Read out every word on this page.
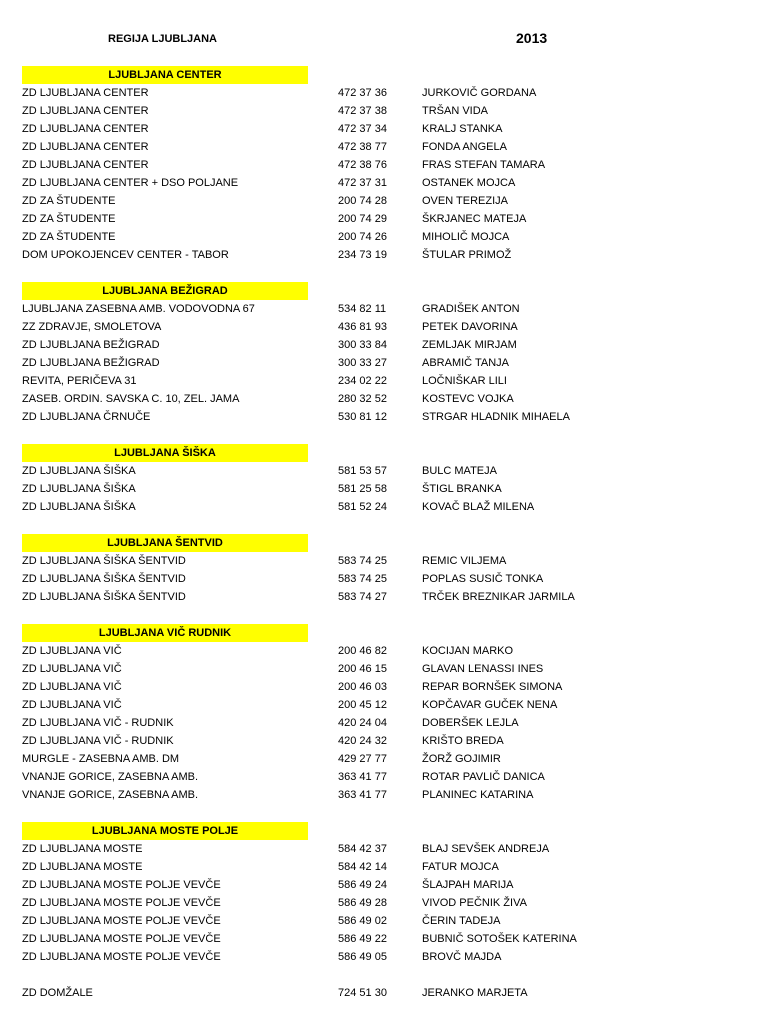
REGIJA LJUBLJANA	2013
LJUBLJANA CENTER
ZD LJUBLJANA CENTER	472 37 36	JURKOVIČ GORDANA
ZD LJUBLJANA CENTER	472 37 38	TRŠAN VIDA
ZD LJUBLJANA CENTER	472 37 34	KRALJ STANKA
ZD LJUBLJANA CENTER	472 38 77	FONDA ANGELA
ZD LJUBLJANA CENTER	472 38 76	FRAS STEFAN TAMARA
ZD LJUBLJANA CENTER + DSO POLJANE	472 37 31	OSTANEK MOJCA
ZD ZA ŠTUDENTE	200 74 28	OVEN TEREZIJA
ZD ZA ŠTUDENTE	200 74 29	ŠKRJANEC MATEJA
ZD ZA ŠTUDENTE	200 74 26	MIHOLIČ MOJCA
DOM UPOKOJENCEV CENTER - TABOR	234 73 19	ŠTULAR PRIMOŽ
LJUBLJANA BEŽIGRAD
LJUBLJANA ZASEBNA AMB. VODOVODNA 67	534 82 11	GRADIŠEK ANTON
ZZ ZDRAVJE, SMOLETOVA	436 81 93	PETEK DAVORINA
ZD LJUBLJANA BEŽIGRAD	300 33 84	ZEMLJAK MIRJAM
ZD LJUBLJANA BEŽIGRAD	300 33 27	ABRAMIČ TANJA
REVITA, PERIČEVA 31	234 02 22	LOČNIŠKAR LILI
ZASEB. ORDIN. SAVSKA C. 10, ZEL. JAMA	280 32 52	KOSTEVC VOJKA
ZD LJUBLJANA ČRNUČE	530 81 12	STRGAR HLADNIK MIHAELA
LJUBLJANA ŠIŠKA
ZD LJUBLJANA ŠIŠKA	581 53 57	BULC MATEJA
ZD LJUBLJANA ŠIŠKA	581 25 58	ŠTIGL BRANKA
ZD LJUBLJANA ŠIŠKA	581 52 24	KOVAČ BLAŽ MILENA
LJUBLJANA ŠENTVID
ZD LJUBLJANA ŠIŠKA ŠENTVID	583 74 25	REMIC VILJEMA
ZD LJUBLJANA ŠIŠKA ŠENTVID	583 74 25	POPLAS SUSIČ TONKA
ZD LJUBLJANA ŠIŠKA ŠENTVID	583 74 27	TRČEK BREZNIKAR JARMILA
LJUBLJANA VIČ RUDNIK
ZD LJUBLJANA VIČ	200 46 82	KOCIJAN MARKO
ZD LJUBLJANA VIČ	200 46 15	GLAVAN LENASSI INES
ZD LJUBLJANA VIČ	200 46 03	REPAR BORNŠEK SIMONA
ZD LJUBLJANA VIČ	200 45 12	KOPČAVAR GUČEK NENA
ZD LJUBLJANA VIČ - RUDNIK	420 24 04	DOBERŠEK LEJLA
ZD LJUBLJANA VIČ - RUDNIK	420 24 32	KRIŠTO BREDA
MURGLE - ZASEBNA AMB. DM	429 27 77	ŽORŽ GOJIMIR
VNANJE GORICE, ZASEBNA AMB.	363 41 77	ROTAR PAVLIČ DANICA
VNANJE GORICE, ZASEBNA AMB.	363 41 77	PLANINEC KATARINA
LJUBLJANA MOSTE POLJE
ZD LJUBLJANA MOSTE	584 42 37	BLAJ SEVŠEK ANDREJA
ZD LJUBLJANA MOSTE	584 42 14	FATUR MOJCA
ZD LJUBLJANA MOSTE POLJE VEVČE	586 49 24	ŠLAJPAH MARIJA
ZD LJUBLJANA MOSTE POLJE VEVČE	586 49 28	VIVOD PEČNIK ŽIVA
ZD LJUBLJANA MOSTE POLJE VEVČE	586 49 02	ČERIN TADEJA
ZD LJUBLJANA MOSTE POLJE VEVČE	586 49 22	BUBNIČ SOTOŠEK KATERINA
ZD LJUBLJANA MOSTE POLJE VEVČE	586 49 05	BROVČ MAJDA
ZD DOMŽALE	724 51 30	JERANKO MARJETA
